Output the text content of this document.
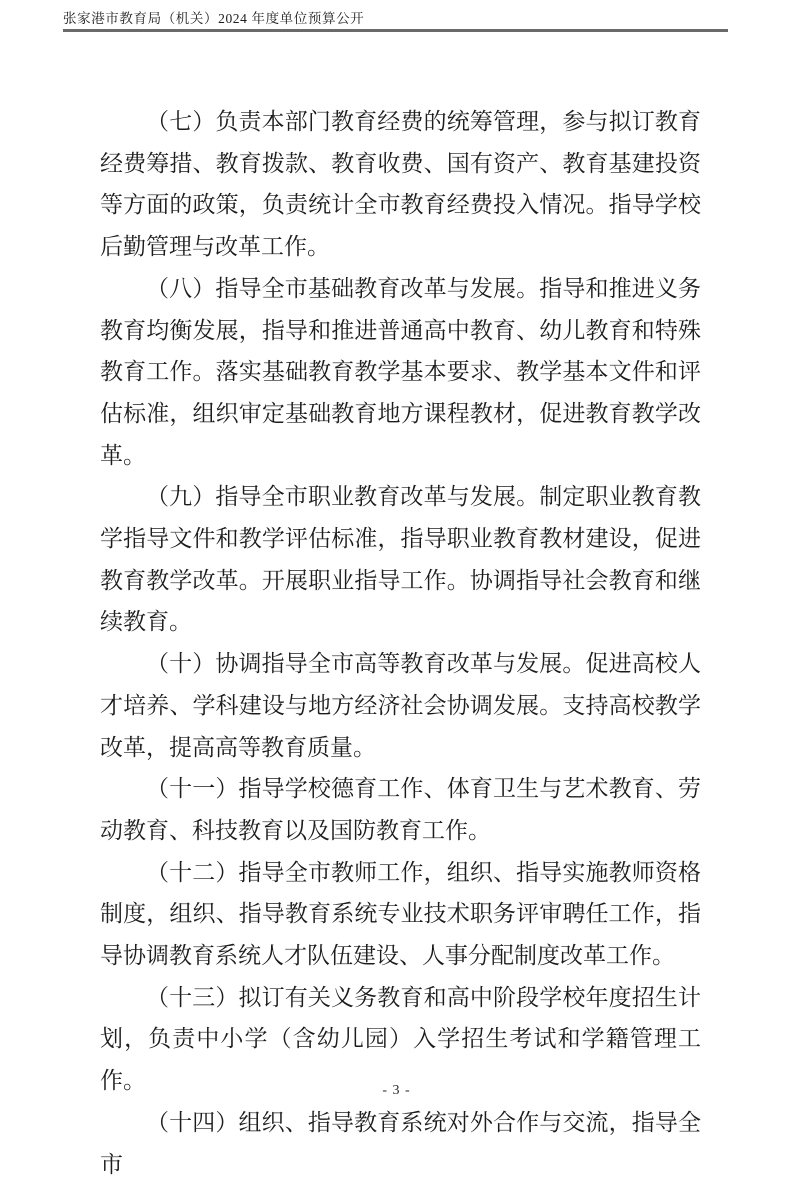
张家港市教育局（机关）2024 年度单位预算公开

（七）负责本部门教育经费的统筹管理，参与拟订教育经费筹措、教育拨款、教育收费、国有资产、教育基建投资等方面的政策，负责统计全市教育经费投入情况。指导学校后勤管理与改革工作。

（八）指导全市基础教育改革与发展。指导和推进义务教育均衡发展，指导和推进普通高中教育、幼儿教育和特殊教育工作。落实基础教育教学基本要求、教学基本文件和评估标准，组织审定基础教育地方课程教材，促进教育教学改革。

（九）指导全市职业教育改革与发展。制定职业教育教学指导文件和教学评估标准，指导职业教育教材建设，促进教育教学改革。开展职业指导工作。协调指导社会教育和继续教育。

（十）协调指导全市高等教育改革与发展。促进高校人才培养、学科建设与地方经济社会协调发展。支持高校教学改革，提高高等教育质量。

（十一）指导学校德育工作、体育卫生与艺术教育、劳动教育、科技教育以及国防教育工作。

（十二）指导全市教师工作，组织、指导实施教师资格制度，组织、指导教育系统专业技术职务评审聘任工作，指导协调教育系统人才队伍建设、人事分配制度改革工作。

（十三）拟订有关义务教育和高中阶段学校年度招生计划，负责中小学（含幼儿园）入学招生考试和学籍管理工作。

（十四）组织、指导教育系统对外合作与交流，指导全市

- 3 -
